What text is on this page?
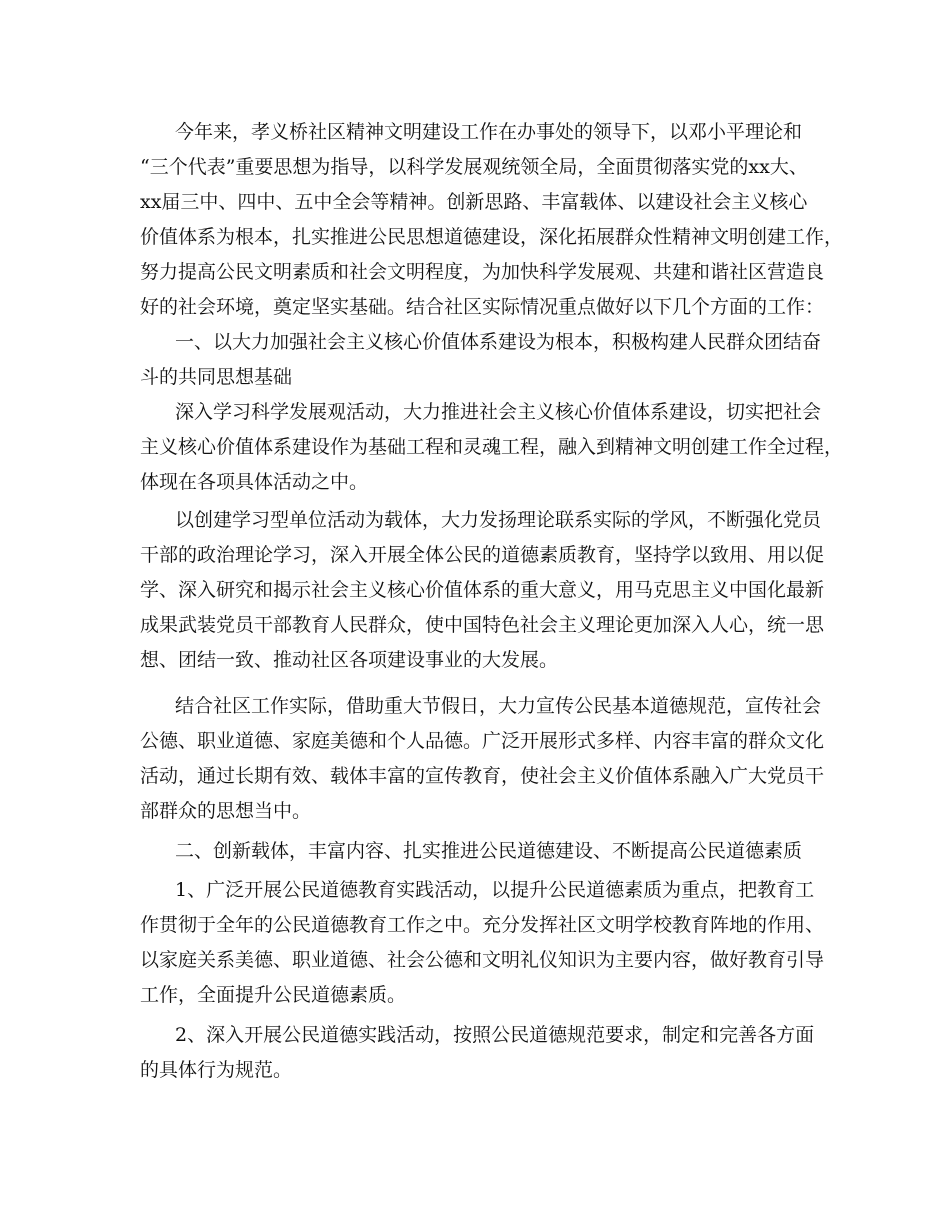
今年来，孝义桥社区精神文明建设工作在办事处的领导下，以邓小平理论和
“三个代表”重要思想为指导，以科学发展观统领全局，全面贯彻落实党的xx大、
xx届三中、四中、五中全会等精神。创新思路、丰富载体、以建设社会主义核心
价值体系为根本，扎实推进公民思想道德建设，深化拓展群众性精神文明创建工作，
努力提高公民文明素质和社会文明程度，为加快科学发展观、共建和谐社区营造良
好的社会环境，奠定坚实基础。结合社区实际情况重点做好以下几个方面的工作：
一、以大力加强社会主义核心价值体系建设为根本，积极构建人民群众团结奋
斗的共同思想基础
深入学习科学发展观活动，大力推进社会主义核心价值体系建设，切实把社会
主义核心价值体系建设作为基础工程和灵魂工程，融入到精神文明创建工作全过程，
体现在各项具体活动之中。
以创建学习型单位活动为载体，大力发扬理论联系实际的学风，不断强化党员
干部的政治理论学习，深入开展全体公民的道德素质教育，坚持学以致用、用以促
学、深入研究和揭示社会主义核心价值体系的重大意义，用马克思主义中国化最新
成果武装党员干部教育人民群众，使中国特色社会主义理论更加深入人心，统一思
想、团结一致、推动社区各项建设事业的大发展。
结合社区工作实际，借助重大节假日，大力宣传公民基本道德规范，宣传社会
公德、职业道德、家庭美德和个人品德。广泛开展形式多样、内容丰富的群众文化
活动，通过长期有效、载体丰富的宣传教育，使社会主义价值体系融入广大党员干
部群众的思想当中。
二、创新载体，丰富内容、扎实推进公民道德建设、不断提高公民道德素质
1、广泛开展公民道德教育实践活动，以提升公民道德素质为重点，把教育工
作贯彻于全年的公民道德教育工作之中。充分发挥社区文明学校教育阵地的作用、
以家庭关系美德、职业道德、社会公德和文明礼仪知识为主要内容，做好教育引导
工作，全面提升公民道德素质。
2、深入开展公民道德实践活动，按照公民道德规范要求，制定和完善各方面
的具体行为规范。
